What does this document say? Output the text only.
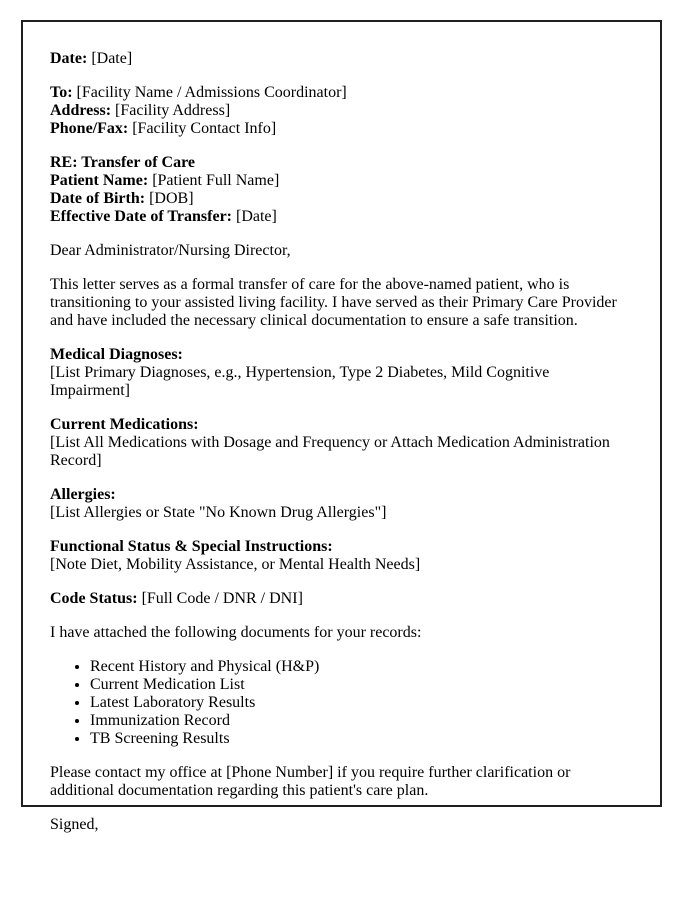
Date: [Date]
To: [Facility Name / Admissions Coordinator]
Address: [Facility Address]
Phone/Fax: [Facility Contact Info]
RE: Transfer of Care
Patient Name: [Patient Full Name]
Date of Birth: [DOB]
Effective Date of Transfer: [Date]
Dear Administrator/Nursing Director,
This letter serves as a formal transfer of care for the above-named patient, who is transitioning to your assisted living facility. I have served as their Primary Care Provider and have included the necessary clinical documentation to ensure a safe transition.
Medical Diagnoses:
[List Primary Diagnoses, e.g., Hypertension, Type 2 Diabetes, Mild Cognitive Impairment]
Current Medications:
[List All Medications with Dosage and Frequency or Attach Medication Administration Record]
Allergies:
[List Allergies or State "No Known Drug Allergies"]
Functional Status & Special Instructions:
[Note Diet, Mobility Assistance, or Mental Health Needs]
Code Status: [Full Code / DNR / DNI]
I have attached the following documents for your records:
• Recent History and Physical (H&P)
• Current Medication List
• Latest Laboratory Results
• Immunization Record
• TB Screening Results
Please contact my office at [Phone Number] if you require further clarification or additional documentation regarding this patient's care plan.
Signed,
